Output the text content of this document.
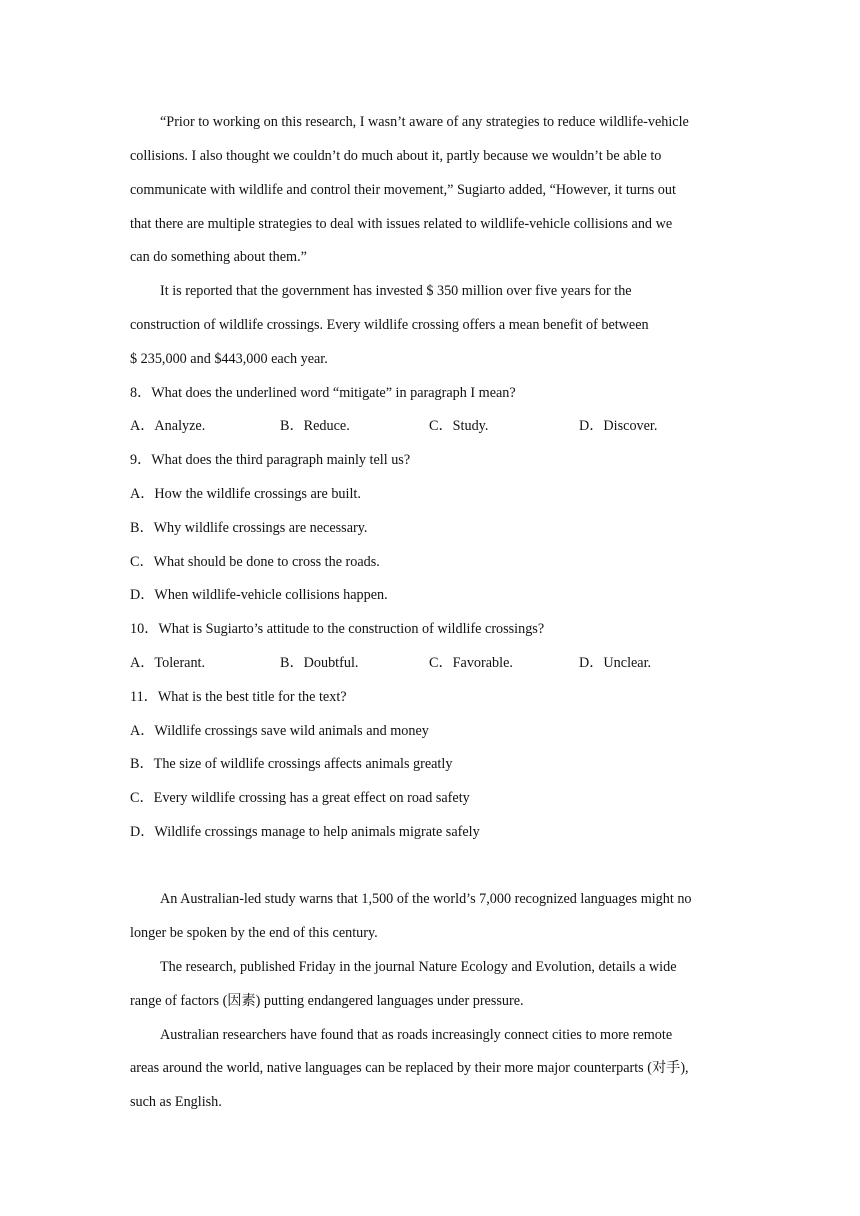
“Prior to working on this research, I wasn’t aware of any strategies to reduce wildlife-vehicle
collisions. I also thought we couldn’t do much about it, partly because we wouldn’t be able to
communicate with wildlife and control their movement,” Sugiarto added, “However, it turns out
that there are multiple strategies to deal with issues related to wildlife-vehicle collisions and we
can do something about them.”
It is reported that the government has invested $ 350 million over five years for the
construction of wildlife crossings. Every wildlife crossing offers a mean benefit of between
$ 235,000 and $443,000 each year.
8．What does the underlined word “mitigate” in paragraph I mean?
A．Analyze.	B．Reduce.	C．Study.	D．Discover.
9．What does the third paragraph mainly tell us?
A．How the wildlife crossings are built.
B．Why wildlife crossings are necessary.
C．What should be done to cross the roads.
D．When wildlife-vehicle collisions happen.
10．What is Sugiarto’s attitude to the construction of wildlife crossings?
A．Tolerant.	B．Doubtful.	C．Favorable.	D．Unclear.
11．What is the best title for the text?
A．Wildlife crossings save wild animals and money
B．The size of wildlife crossings affects animals greatly
C．Every wildlife crossing has a great effect on road safety
D．Wildlife crossings manage to help animals migrate safely
An Australian-led study warns that 1,500 of the world’s 7,000 recognized languages might no
longer be spoken by the end of this century.
The research, published Friday in the journal Nature Ecology and Evolution, details a wide
range of factors (因素) putting endangered languages under pressure.
Australian researchers have found that as roads increasingly connect cities to more remote
areas around the world, native languages can be replaced by their more major counterparts (对手),
such as English.
